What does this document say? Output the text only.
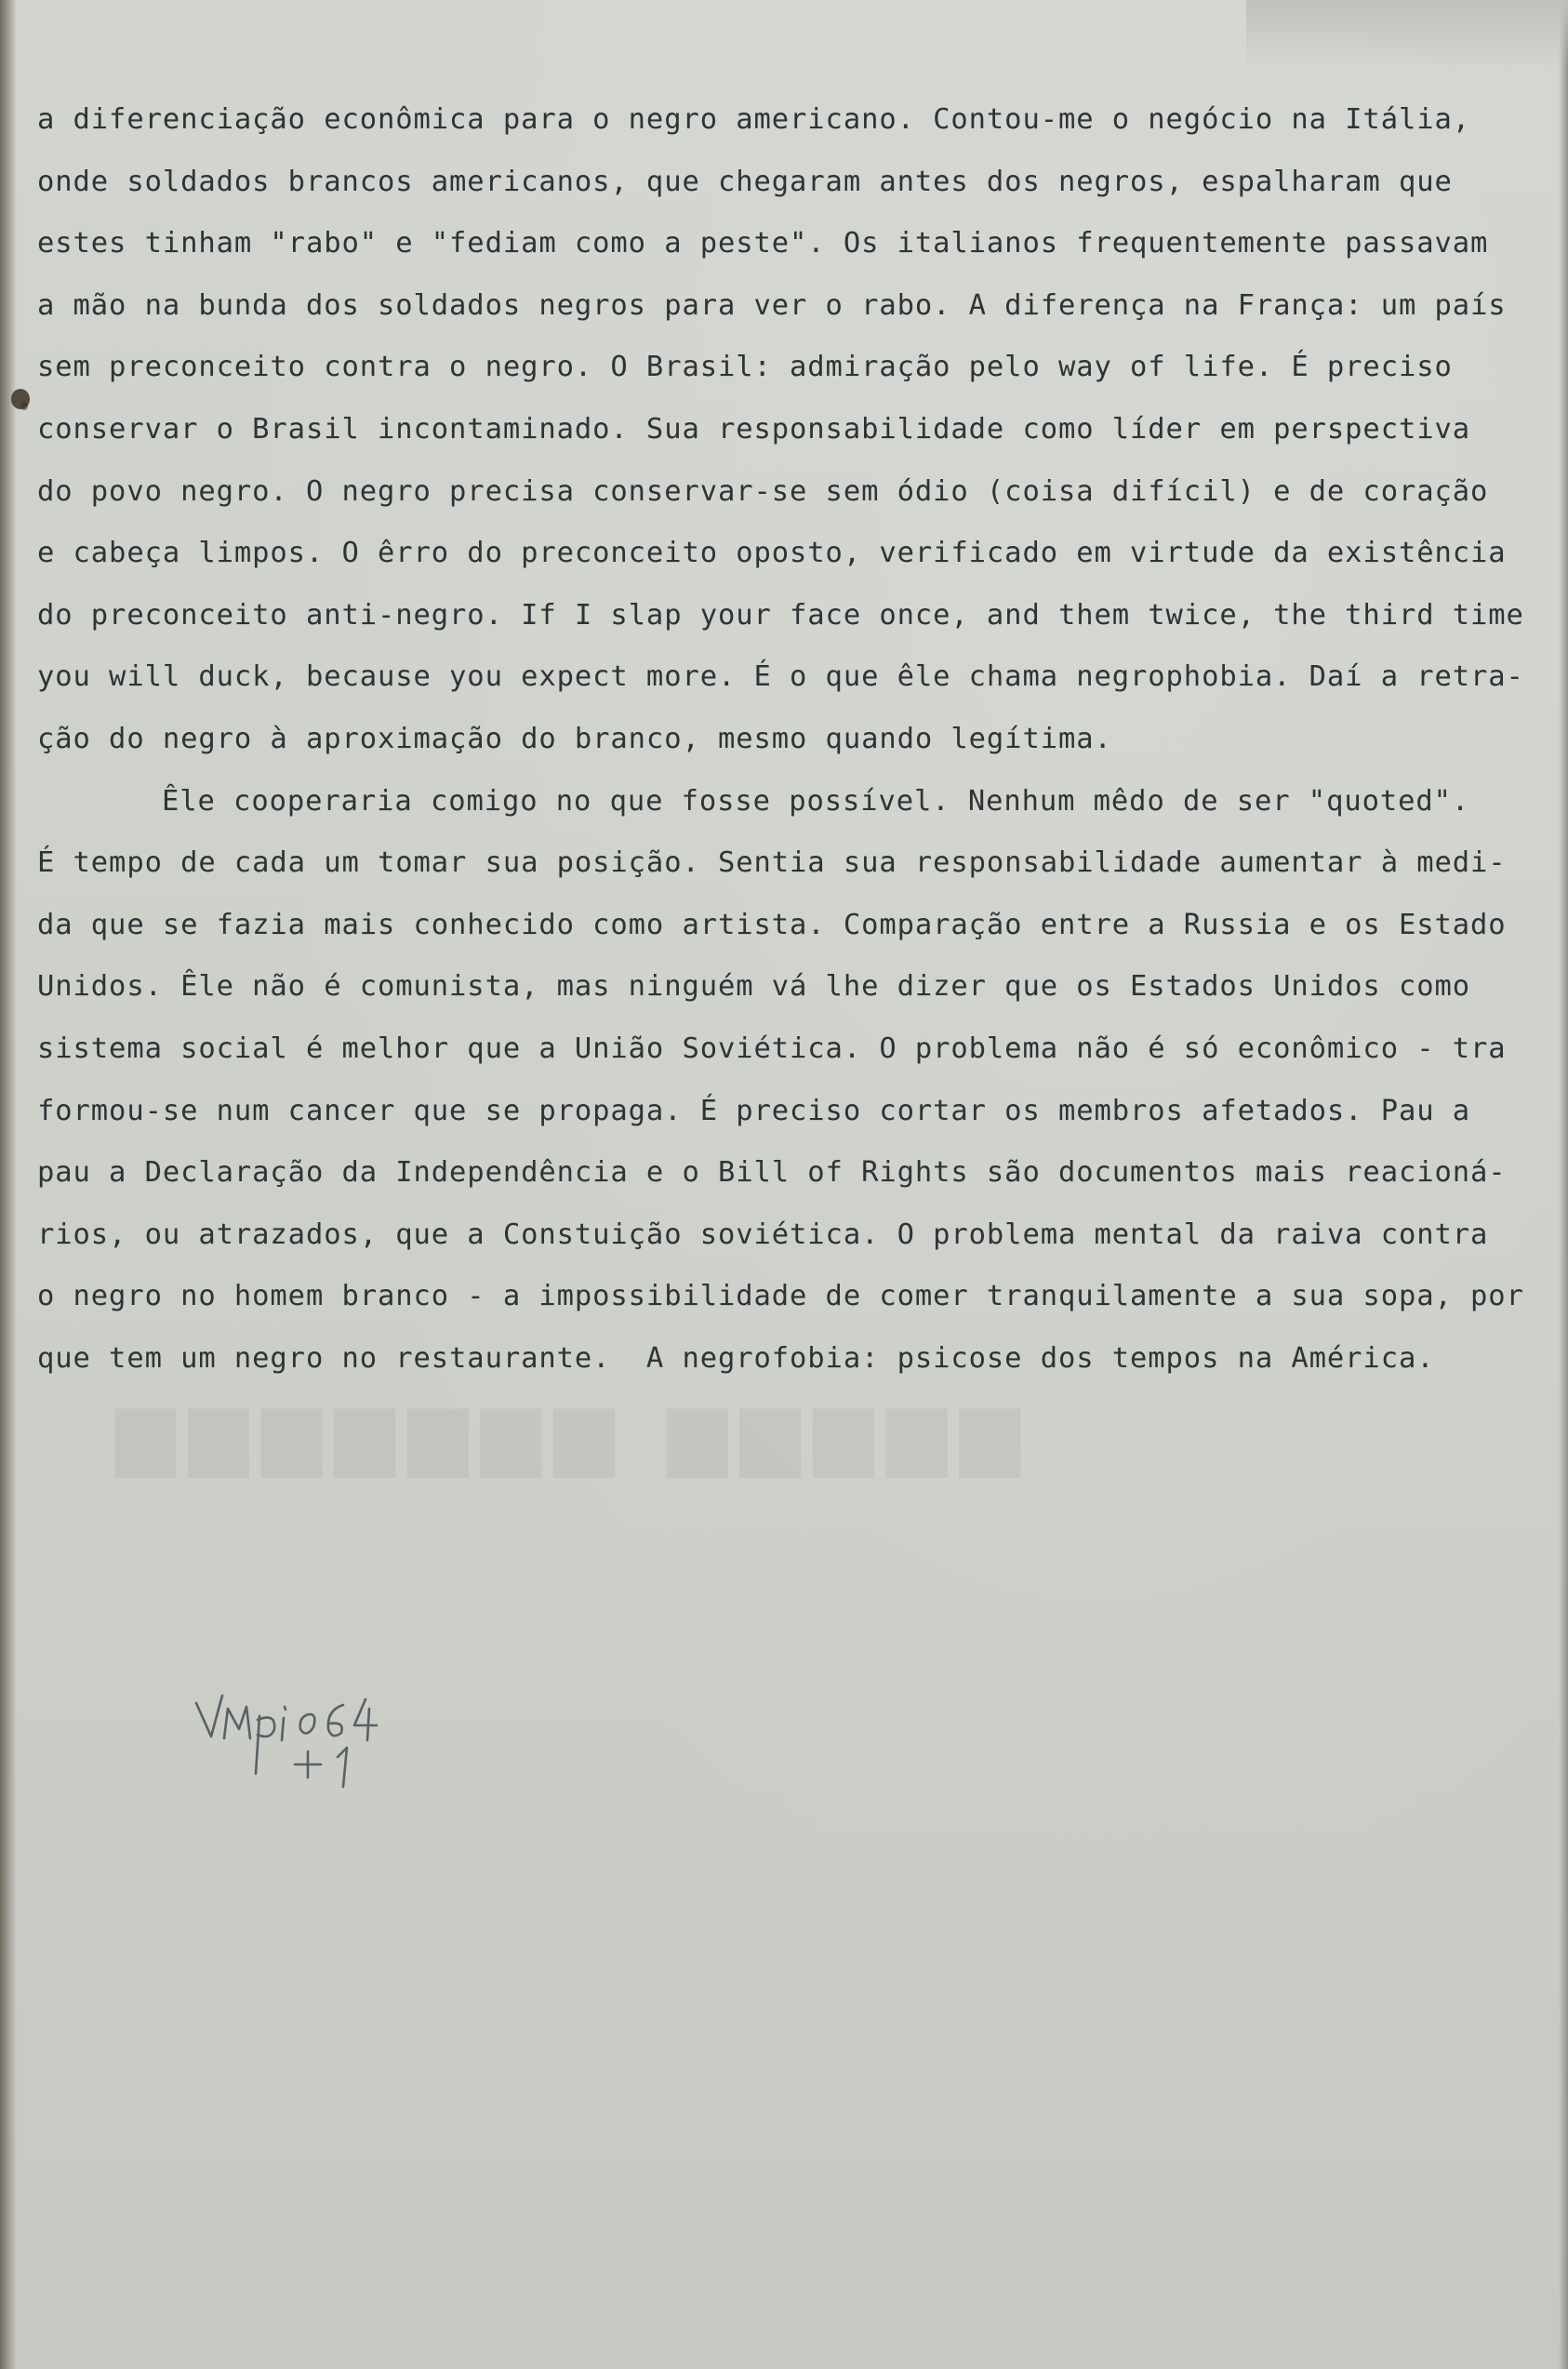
▆▆▆▆▆ ▆▆▆▆▆▆▆
a diferenciação econômica para o negro americano. Contou-me o negócio na Itália,
onde soldados brancos americanos, que chegaram antes dos negros, espalharam que
estes tinham "rabo" e "fediam como a peste". Os italianos frequentemente passavam
a mão na bunda dos soldados negros para ver o rabo. A diferença na França: um país
sem preconceito contra o negro. O Brasil: admiração pelo way of life. É preciso
conservar o Brasil incontaminado. Sua responsabilidade como líder em perspectiva
do povo negro. O negro precisa conservar-se sem ódio (coisa difícil) e de coração
e cabeça limpos. O êrro do preconceito oposto, verificado em virtude da existência
do preconceito anti-negro. If I slap your face once, and them twice, the third time
you will duck, because you expect more. É o que êle chama negrophobia. Daí a retra-
ção do negro à aproximação do branco, mesmo quando legítima.
Êle cooperaria comigo no que fosse possível. Nenhum mêdo de ser "quoted".
É tempo de cada um tomar sua posição. Sentia sua responsabilidade aumentar à medi-
da que se fazia mais conhecido como artista. Comparação entre a Russia e os Estado
Unidos. Êle não é comunista, mas ninguém vá lhe dizer que os Estados Unidos como
sistema social é melhor que a União Soviética. O problema não é só econômico - tra
formou-se num cancer que se propaga. É preciso cortar os membros afetados. Pau a
pau a Declaração da Independência e o Bill of Rights são documentos mais reacioná-
rios, ou atrazados, que a Constuição soviética. O problema mental da raiva contra
o negro no homem branco - a impossibilidade de comer tranquilamente a sua sopa, por
que tem um negro no restaurante.  A negrofobia: psicose dos tempos na América.
